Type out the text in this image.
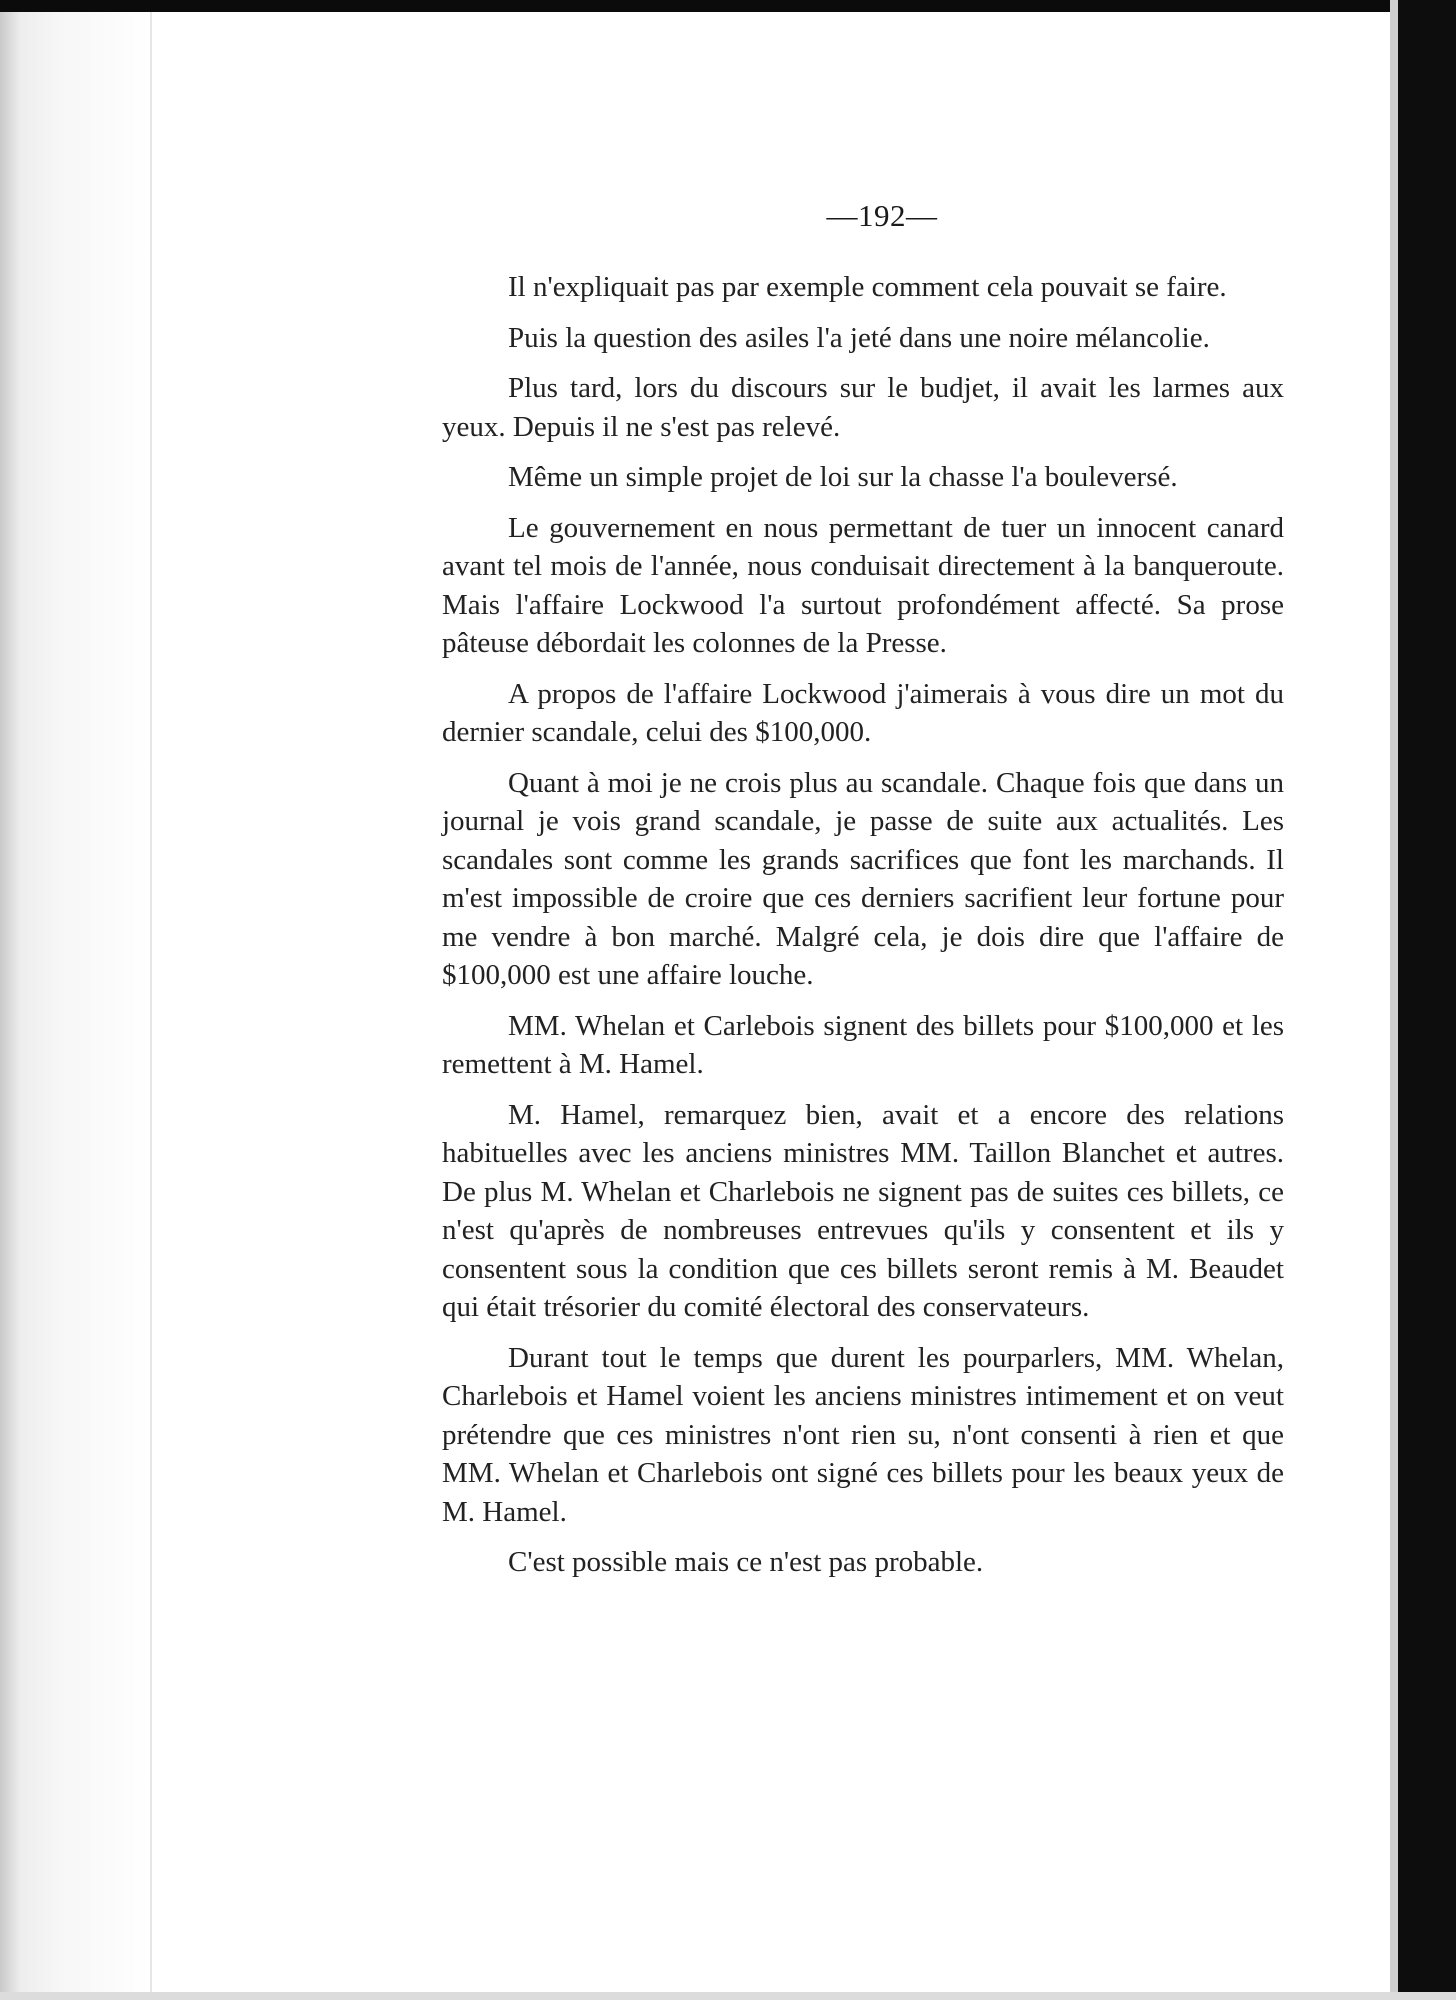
—192—

Il n'expliquait pas par exemple comment cela pouvait se faire.

Puis la question des asiles l'a jeté dans une noire mélancolie.

Plus tard, lors du discours sur le budjet, il avait les larmes aux yeux. Depuis il ne s'est pas relevé.

Même un simple projet de loi sur la chasse l'a bouleversé.

Le gouvernement en nous permettant de tuer un innocent canard avant tel mois de l'année, nous conduisait directement à la banqueroute. Mais l'affaire Lockwood l'a surtout profondément affecté. Sa prose pâteuse débordait les colonnes de la Presse.

A propos de l'affaire Lockwood j'aimerais à vous dire un mot du dernier scandale, celui des $100,000.

Quant à moi je ne crois plus au scandale. Chaque fois que dans un journal je vois grand scandale, je passe de suite aux actualités. Les scandales sont comme les grands sacrifices que font les marchands. Il m'est impossible de croire que ces derniers sacrifient leur fortune pour me vendre à bon marché. Malgré cela, je dois dire que l'affaire de $100,000 est une affaire louche.

MM. Whelan et Carlebois signent des billets pour $100,000 et les remettent à M. Hamel.

M. Hamel, remarquez bien, avait et a encore des relations habituelles avec les anciens ministres MM. Taillon Blanchet et autres. De plus M. Whelan et Charlebois ne signent pas de suites ces billets, ce n'est qu'après de nombreuses entrevues qu'ils y consentent et ils y consentent sous la condition que ces billets seront remis à M. Beaudet qui était trésorier du comité électoral des conservateurs.

Durant tout le temps que durent les pourparlers, MM. Whelan, Charlebois et Hamel voient les anciens ministres intimement et on veut prétendre que ces ministres n'ont rien su, n'ont consenti à rien et que MM. Whelan et Charlebois ont signé ces billets pour les beaux yeux de M. Hamel.

C'est possible mais ce n'est pas probable.
